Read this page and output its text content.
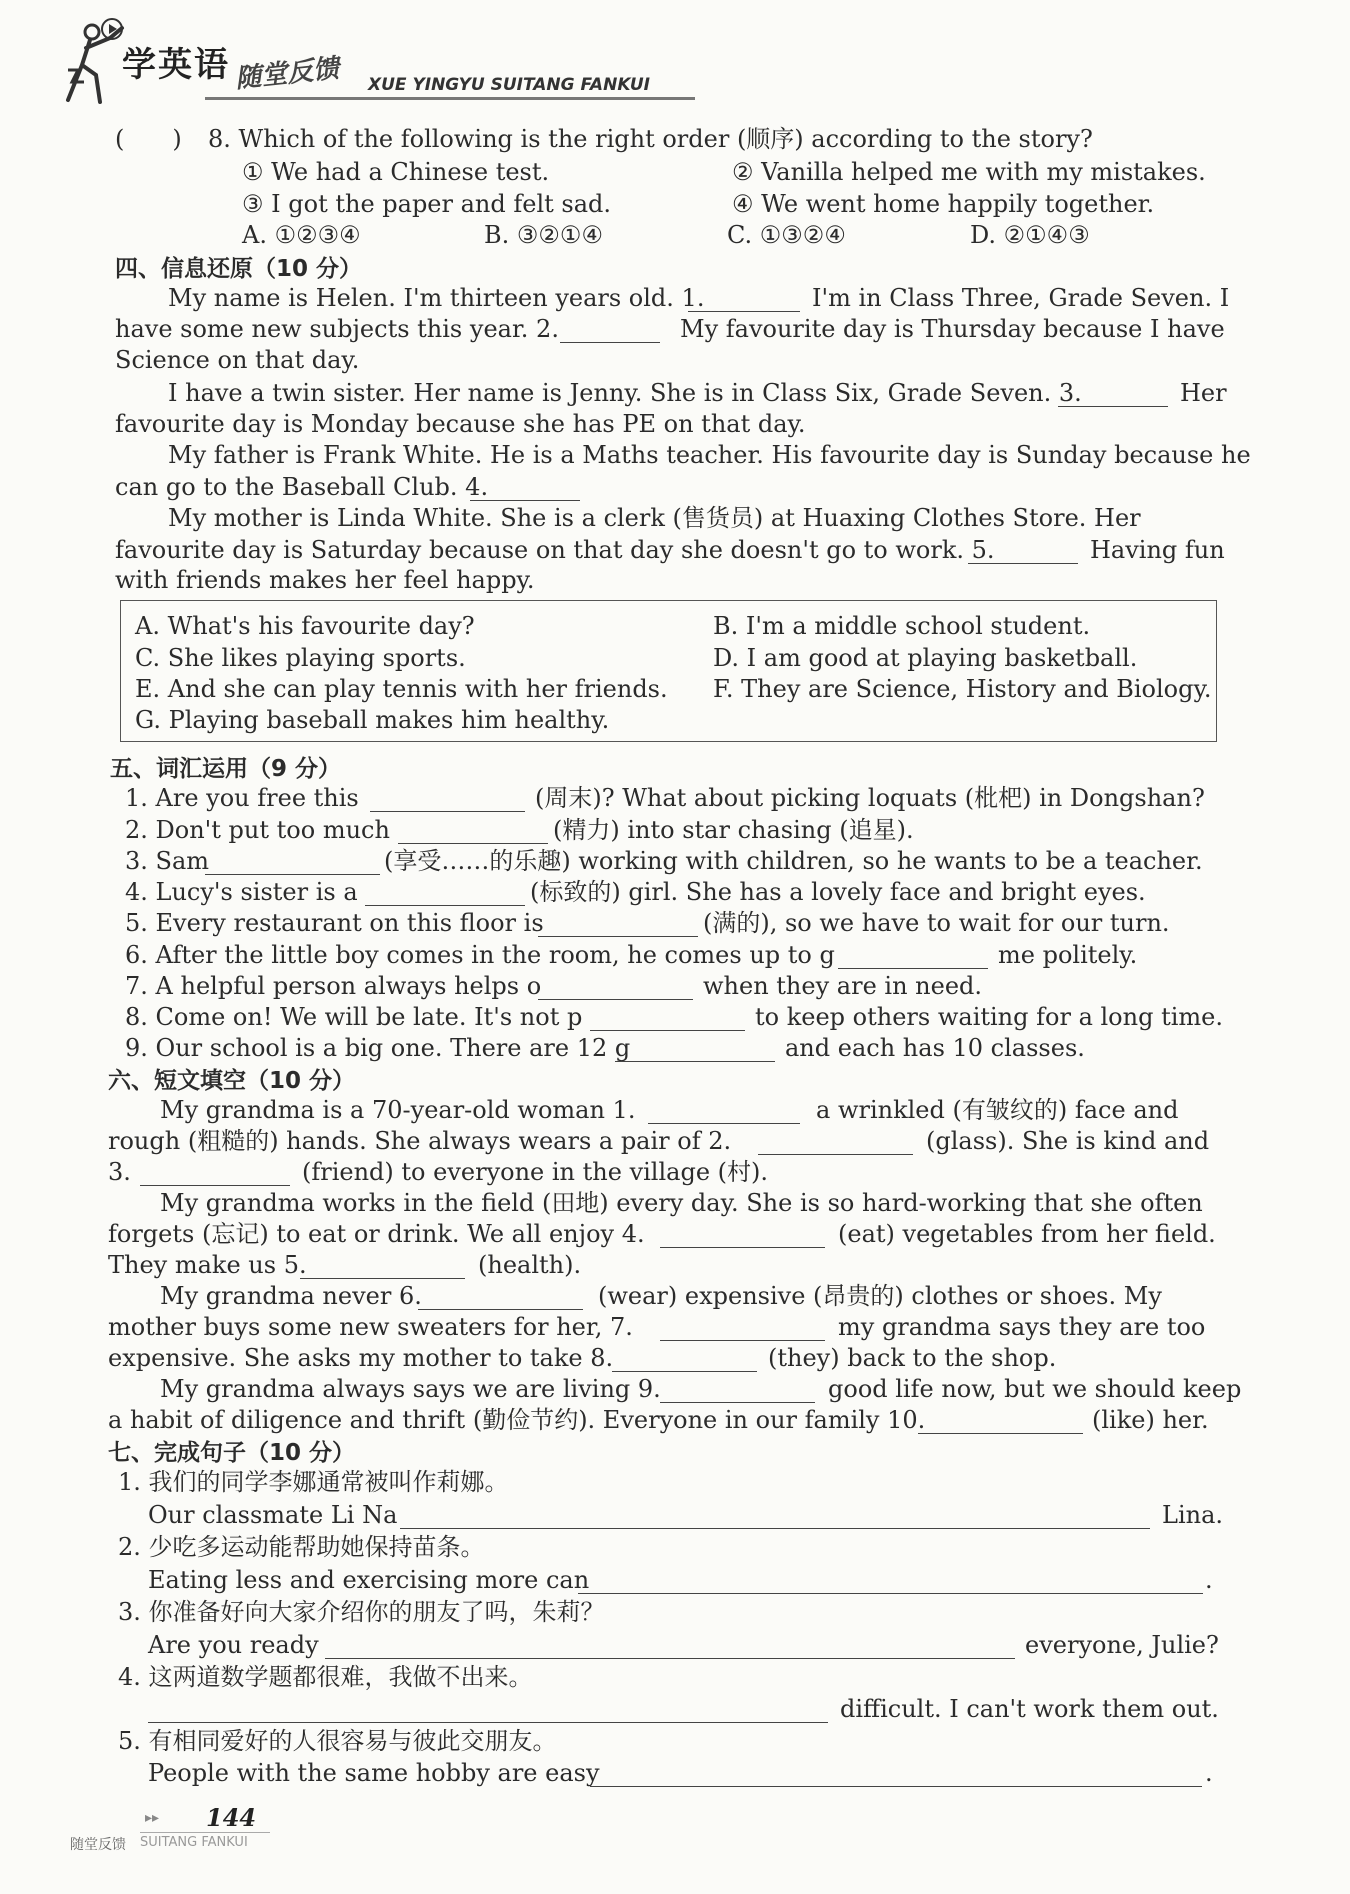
学英语 随堂反馈 XUE YINGYU SUITANG FANKUI
(　　) 8. Which of the following is the right order (顺序) according to the story?
① We had a Chinese test.	② Vanilla helped me with my mistakes.
③ I got the paper and felt sad.	④ We went home happily together.
A. ①②③④	B. ③②①④	C. ①③②④	D. ②①④③
四、信息还原（10 分）
My name is Helen. I'm thirteen years old. 1.	I'm in Class Three, Grade Seven. I
have some new subjects this year. 2.	My favourite day is Thursday because I have
Science on that day.
I have a twin sister. Her name is Jenny. She is in Class Six, Grade Seven. 3.	Her
favourite day is Monday because she has PE on that day.
My father is Frank White. He is a Maths teacher. His favourite day is Sunday because he
can go to the Baseball Club. 4.
My mother is Linda White. She is a clerk (售货员) at Huaxing Clothes Store. Her
favourite day is Saturday because on that day she doesn't go to work. 5.	Having fun
with friends makes her feel happy.
A. What's his favourite day?	B. I'm a middle school student.
C. She likes playing sports.	D. I am good at playing basketball.
E. And she can play tennis with her friends. F. They are Science, History and Biology.
G. Playing baseball makes him healthy.
五、词汇运用（9 分）
1. Are you free this	(周末)? What about picking loquats (枇杷) in Dongshan?
2. Don't put too much	(精力) into star chasing (追星).
3. Sam	(享受……的乐趣) working with children, so he wants to be a teacher.
4. Lucy's sister is a	(标致的) girl. She has a lovely face and bright eyes.
5. Every restaurant on this floor is	(满的), so we have to wait for our turn.
6. After the little boy comes in the room, he comes up to g	me politely.
7. A helpful person always helps o	when they are in need.
8. Come on! We will be late. It's not p	to keep others waiting for a long time.
9. Our school is a big one. There are 12 g	and each has 10 classes.
六、短文填空（10 分）
My grandma is a 70-year-old woman 1.	a wrinkled (有皱纹的) face and
rough (粗糙的) hands. She always wears a pair of 2.	(glass). She is kind and
3.	(friend) to everyone in the village (村).
My grandma works in the field (田地) every day. She is so hard-working that she often
forgets (忘记) to eat or drink. We all enjoy 4.	(eat) vegetables from her field.
They make us 5.	(health).
My grandma never 6.	(wear) expensive (昂贵的) clothes or shoes. My
mother buys some new sweaters for her, 7.	my grandma says they are too
expensive. She asks my mother to take 8.	(they) back to the shop.
My grandma always says we are living 9.	good life now, but we should keep
a habit of diligence and thrift (勤俭节约). Everyone in our family 10.	(like) her.
七、完成句子（10 分）
1. 我们的同学李娜通常被叫作莉娜。
Our classmate Li Na	Lina.
2. 少吃多运动能帮助她保持苗条。
Eating less and exercising more can	.
3. 你准备好向大家介绍你的朋友了吗，朱莉？
Are you ready	everyone, Julie?
4. 这两道数学题都很难，我做不出来。
difficult. I can't work them out.
5. 有相同爱好的人很容易与彼此交朋友。
People with the same hobby are easy	.
▸▸ 144
随堂反馈 SUITANG FANKUI
